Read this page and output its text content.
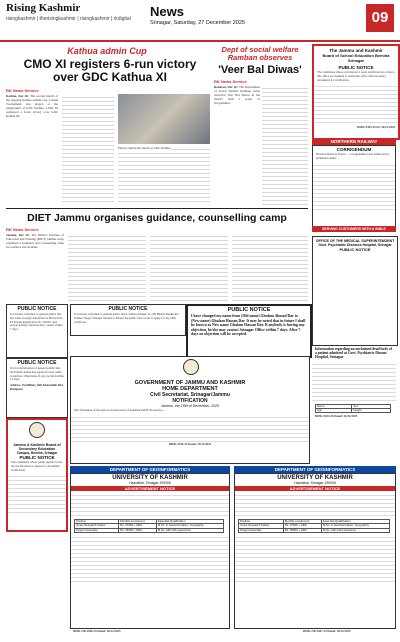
Rising Kashmir
risingkashmir | therisingkashmir | risingkashmir | rkdigital News
Srinagar, Saturday, 27 December 2025	09
Kathua admin Cup
CMO XI registers 6-run victory over GDC Kathua XI
RK News Service
Kathua, Dec 26: The second match of the ongoing Kathua Admin Cup Cricket Tournament was played at the playground of GDC Kathua. CMO XI registered a 6-run victory over GDC Kathua XI.
Players during the match at GDC Kathua.
Dept of social welfare Ramban observes
'Veer Bal Diwas'
RK News Service
Ramban, Dec 26: The Department of Social Welfare Ramban today observed Veer Bal Diwas in the district with a series of programmes.
The Jammu and Kashmir
Board of School Education Bemina Srinagar
PUBLIC NOTICE
The candidates whose provisional 2 years certificate has come to this office are required to attend the office with necessary documents for verification.
DIPK-9395-25 Dt: 26/12/2025
NORTHERN RAILWAY
CORRIGENDUM
Division Railway Notice ... Corrigendum to the tender notice published earlier.
SERVING CUSTOMERS WITH A SMILE
DIET Jammu organises guidance, counselling camp
RK News Service
Jammu, Dec 26: The District Institute of Education and Training (DIET) Jammu today organised a Guidance and Counselling camp for teachers and students.
OFFICE OF THE MEDICAL SUPERINTENDENT
Govt. Psychiatric Diseases Hospital, Srinagar
PUBLIC NOTICE
PUBLIC NOTICE
It is hereby informed to general public that my name wrongly mentioned in Board Ulbi #5 having Registration No. 00452. Any person having objection may contact within 7 days.
PUBLIC NOTICE
It is for information of general public that the Fatima Asima has applied for her name correction. Objections, if any, be filed within 15 days.
Address: Parihilloh, Tehi Khanshikh Dist. Bridgeam
Jammu & Kashmir Board of Secondary Education
Campus, Bemina, Srinagar
PUBLIC NOTICE
The candidates whose name appears in the list are informed to appear for document verification.
PUBLIC NOTICE
It is hereby informed to general public that I, Sameq Ahmad, S/o Mr Bashir Sheikh R/o Sridhar Nagar, Srinagar intends to inform the public that I want to apply for my birth certificate.
PUBLIC NOTICE
I have changed my name from (Old name) Ghulam Ahmad Dar to (New name) Ghulam Hassan Dar. It may be noted that in future I shall be known as New name Ghulam Hassan Dar. If anybody is having any objection, he/she may contact Srinagar Office within 7 days. After 7 days no objection will be accepted.
GOVERNMENT OF JAMMU AND KASHMIR
HOME DEPARTMENT
Civil Secretariat, Srinagar/Jammu
NOTIFICATION
Jammu, the 18th of December, 2025
Sub: Extension of the period of reservation of Assistant Public Prosecutor ...
DIPK-9356-25 Dated: 26/12/2025
Information regarding an unclaimed dead body of a patient admitted at Govt. Psychiatric Disease Hospital, Srinagar
Name	Sex
Age	Height
DIPK-9354-25 Dated: 26/12/2025
DEPARTMENT OF GEOINFORMATICS
UNIVERSITY OF KASHMIR
Hazratbal, Srinagar-190006
ADVERTISEMENT NOTICE
Position	Monthly emolument	Essential Qualification
Junior Research Fellow	Rs. 37000 + HRA	M.Sc. in Geoinformatics / Geography
Project Associate	Rs. 35000 + HRA	M.Sc. with GIS experience
DIPK-NB-1846-25 Dated: 26/12/2025
DEPARTMENT OF GEOINFORMATICS
UNIVERSITY OF KASHMIR
Hazratbal, Srinagar-190006
ADVERTISEMENT NOTICE
Position	Monthly emolument	Essential Qualification
Junior Research Fellow	Rs. 37000 + HRA	M.Sc. in Geoinformatics / Geography
Project Associate	Rs. 35000 + HRA	M.Sc. with GIS experience
DIPK-NB-1847-25 Dated: 26/12/2025
